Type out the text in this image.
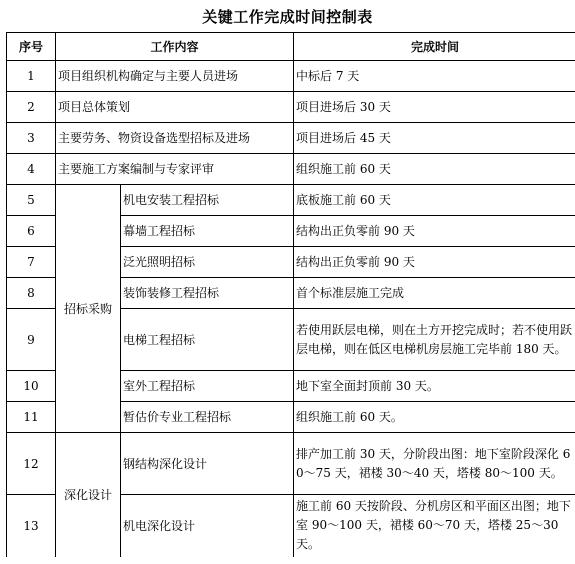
关键工作完成时间控制表
序号	工作内容		完成时间
1	项目组织机构确定与主要人员进场		中标后 7 天
2	项目总体策划		项目进场后 30 天
3	主要劳务、物资设备选型招标及进场		项目进场后 45 天
4	主要施工方案编制与专家评审		组织施工前 60 天
5	招标采购	机电安装工程招标	底板施工前 60 天
6		幕墙工程招标	结构出正负零前 90 天
7		泛光照明招标	结构出正负零前 90 天
8		装饰装修工程招标	首个标准层施工完成
9		电梯工程招标	若使用跃层电梯，则在土方开挖完成时；若不使用跃层电梯，则在低区电梯机房层施工完毕前 180 天。
10		室外工程招标	地下室全面封顶前 30 天。
11		暂估价专业工程招标	组织施工前 60 天。
12	深化设计	钢结构深化设计	排产加工前 30 天，分阶段出图：地下室阶段深化 60～75 天，裙楼 30～40 天，塔楼 80～100 天。
13		机电深化设计	施工前 60 天按阶段、分机房区和平面区出图；地下室 90～100 天，裙楼 60～70 天，塔楼 25～30 天。
